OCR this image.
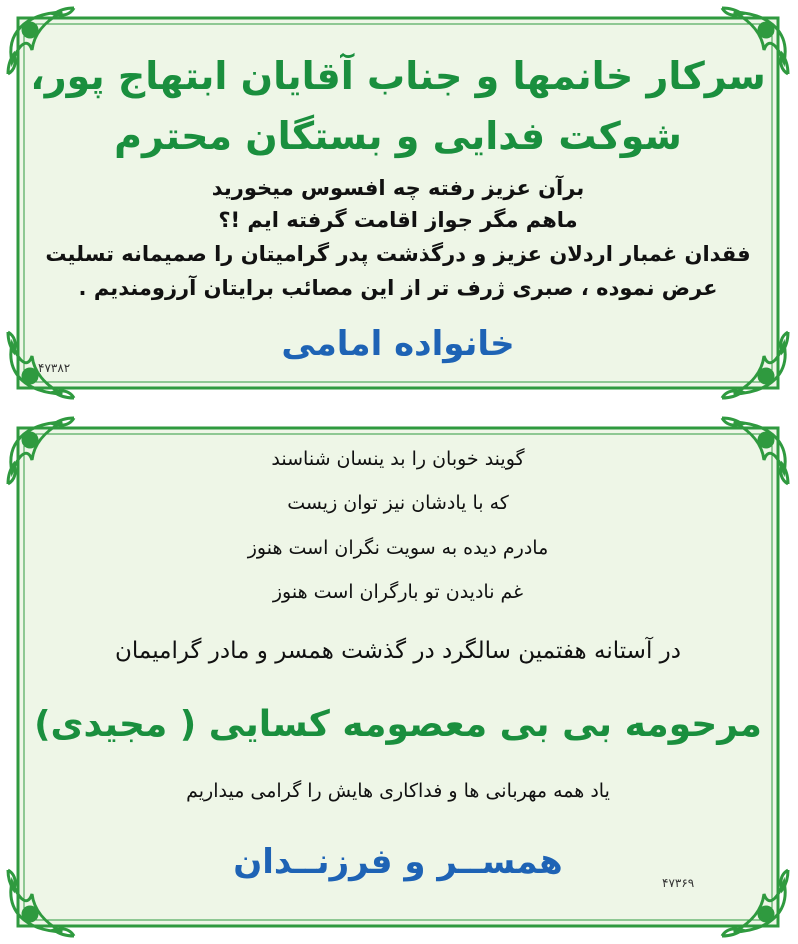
سرکار خانمها و جناب آقایان ابتهاج پور،
شوکت فدایی و بستگان محترم
برآن عزیز رفته چه افسوس میخورید
ماهم مگر جواز اقامت گرفته ایم !؟
فقدان غمبار اردلان عزیز و درگذشت پدر گرامیتان را صمیمانه تسلیت
عرض نموده ، صبری ژرف تر از این مصائب برایتان آرزومندیم .
خانواده امامی
۴۷۳۸۲
گویند خوبان را بد ینسان شناسند
که با یادشان نیز توان زیست
مادرم دیده به سویت نگران است هنوز
غم نادیدن تو بارگران است هنوز
در آستانه هفتمین سالگرد در گذشت همسر و مادر گرامیمان
مرحومه بی بی معصومه کسایی ( مجیدی)
یاد همه مهربانی ها و فداکاری هایش را گرامی میداریم
همســر و فرزنــدان
۴۷۳۶۹
